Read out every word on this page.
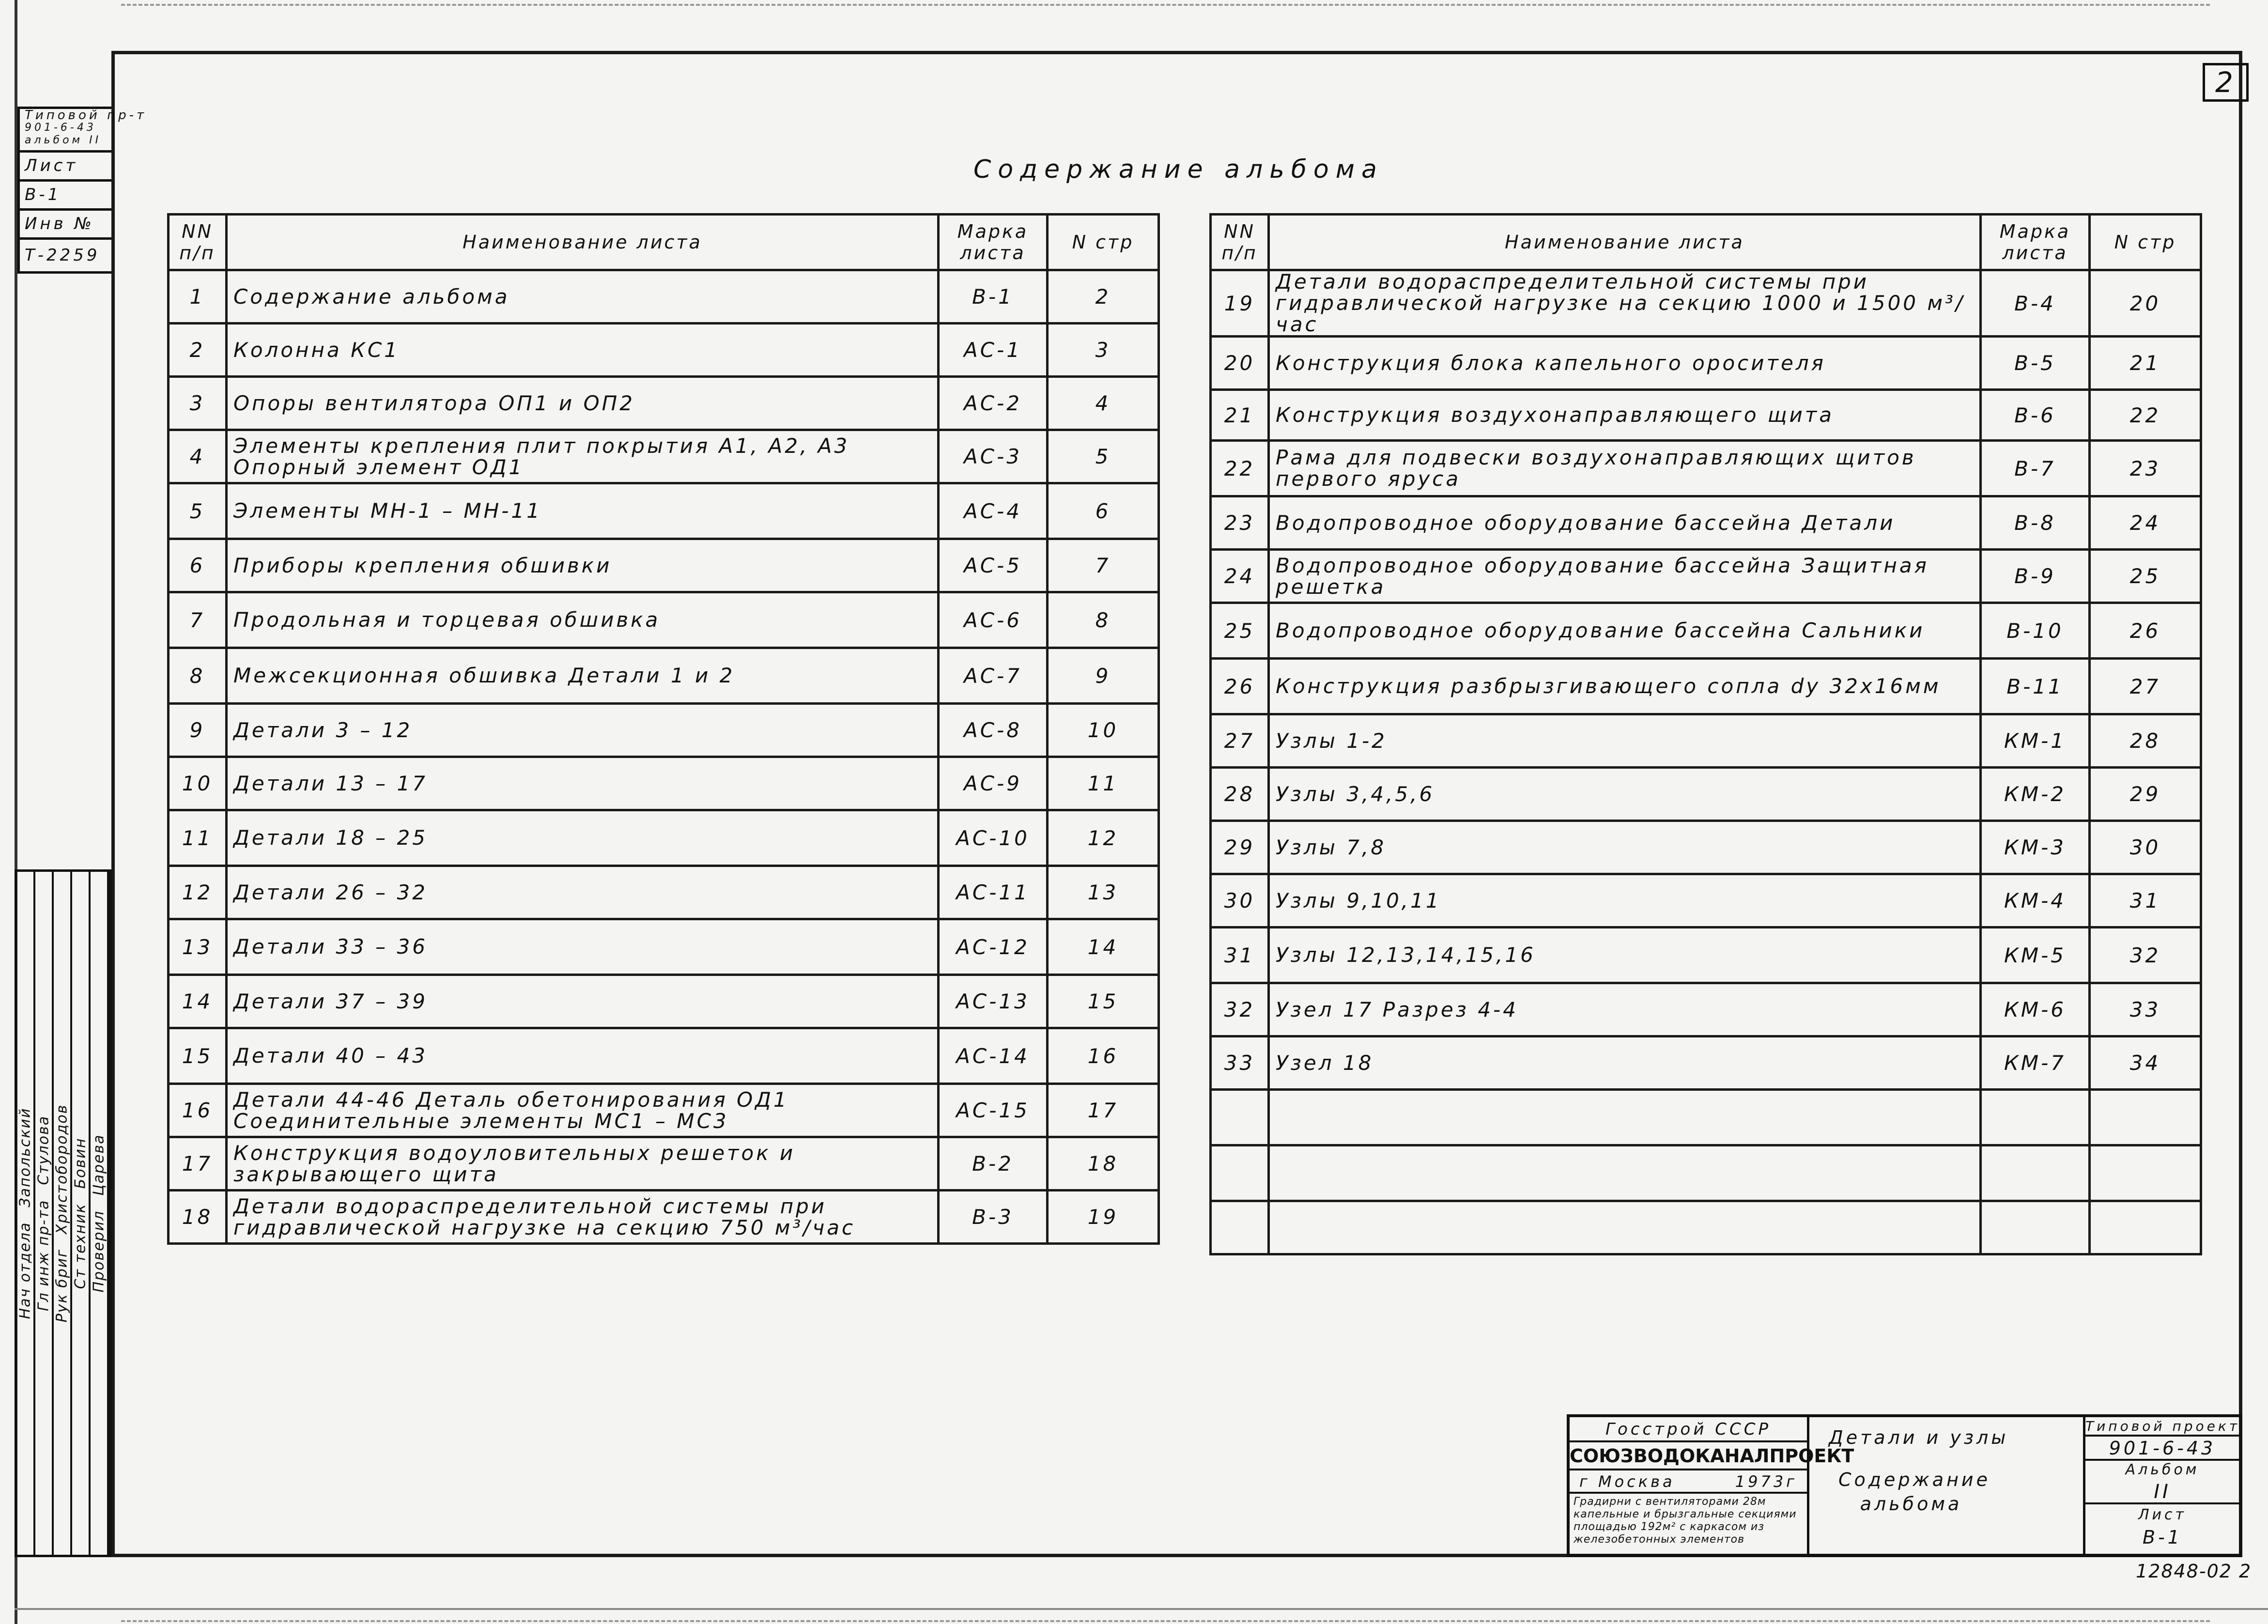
2
Типовой пр-т
901-6-43
альбом II
Лист
В-1
Инв №
Т-2259
Содержание альбома
NN п/п	Наименование листа	Марка листа	N стр
1	Содержание альбома	В-1	2
2	Колонна КС1	АС-1	3
3	Опоры вентилятора ОП1 и ОП2	АС-2	4
4	Элементы крепления плит покрытия А1, А2, А3 Опорный элемент ОД1	АС-3	5
5	Элементы МН-1 – МН-11	АС-4	6
6	Приборы крепления обшивки	АС-5	7
7	Продольная и торцевая обшивка	АС-6	8
8	Межсекционная обшивка Детали 1 и 2	АС-7	9
9	Детали 3 – 12	АС-8	10
10	Детали 13 – 17	АС-9	11
11	Детали 18 – 25	АС-10	12
12	Детали 26 – 32	АС-11	13
13	Детали 33 – 36	АС-12	14
14	Детали 37 – 39	АС-13	15
15	Детали 40 – 43	АС-14	16
16	Детали 44-46 Деталь обетонирования ОД1 Соединительные элементы МС1 – МС3	АС-15	17
17	Конструкция водоуловительных решеток и закрывающего щита	В-2	18
18	Детали водораспределительной системы при гидравлической нагрузке на секцию 750 м³/час	В-3	19
NN п/п	Наименование листа	Марка листа	N стр
19	Детали водораспределительной системы при гидравлической нагрузке на секцию 1000 и 1500 м³/час	В-4	20
20	Конструкция блока капельного оросителя	В-5	21
21	Конструкция воздухонаправляющего щита	В-6	22
22	Рама для подвески воздухонаправляющих щитов первого яруса	В-7	23
23	Водопроводное оборудование бассейна Детали	В-8	24
24	Водопроводное оборудование бассейна Защитная решетка	В-9	25
25	Водопроводное оборудование бассейна Сальники	В-10	26
26	Конструкция разбрызгивающего сопла dу 32x16мм	В-11	27
27	Узлы 1-2	КМ-1	28
28	Узлы 3,4,5,6	КМ-2	29
29	Узлы 7,8	КМ-3	30
30	Узлы 9,10,11	КМ-4	31
31	Узлы 12,13,14,15,16	КМ-5	32
32	Узел 17 Разрез 4-4	КМ-6	33
33	Узел 18	КМ-7	34

Нач отделаЗапольский
Гл инж пр-таСтулова
Рук бригХристобородов
Ст техникБовин
ПроверилЦарева
Госстрой СССР
СОЮЗВОДОКАНАЛПРОЕКТ
г Москва	1973г
Градирни с вентиляторами 28м капельные и брызгальные секциями площадью 192м² с каркасом из железобетонных элементов
Детали и узлы
Содержание альбома
Типовой проект
901-6-43
Альбом
II
Лист
В-1
12848-02 2
